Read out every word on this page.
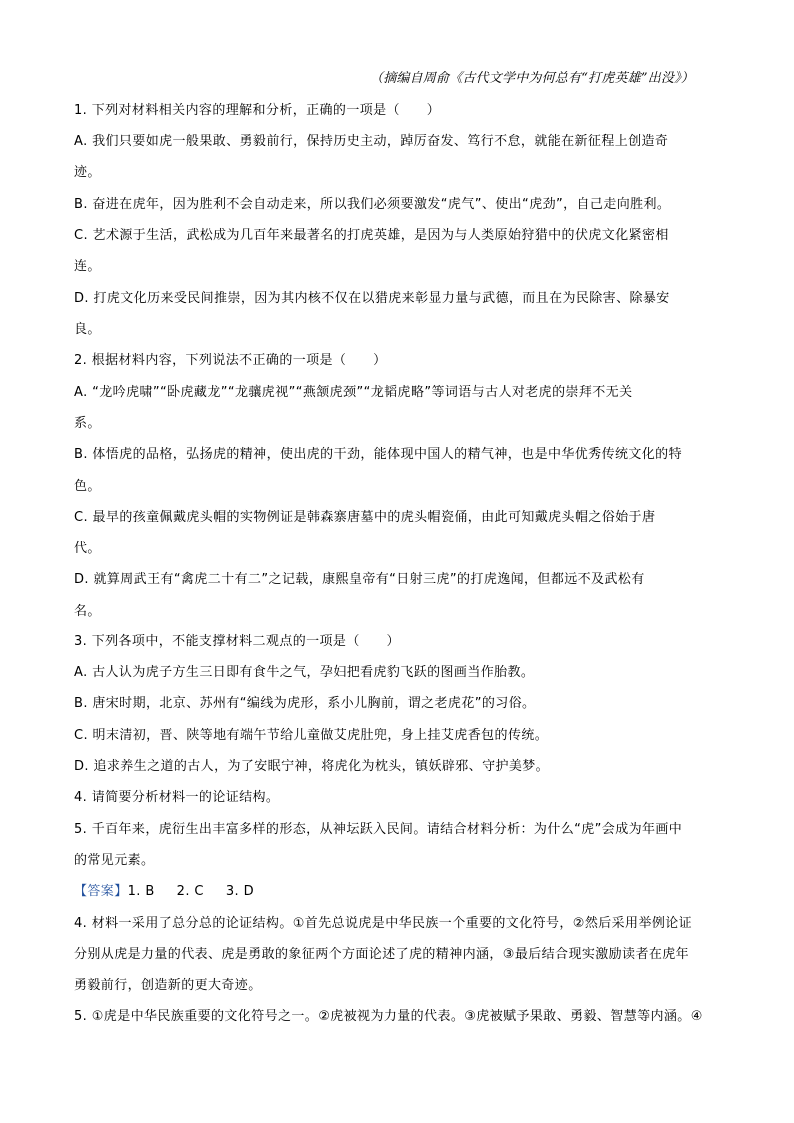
（摘编自周俞《古代文学中为何总有“打虎英雄”出没》）
1. 下列对材料相关内容的理解和分析，正确的一项是（　　）
A. 我们只要如虎一般果敢、勇毅前行，保持历史主动，踔厉奋发、笃行不怠，就能在新征程上创造奇
迹。
B. 奋进在虎年，因为胜利不会自动走来，所以我们必须要激发“虎气”、使出“虎劲”，自己走向胜利。
C. 艺术源于生活，武松成为几百年来最著名的打虎英雄，是因为与人类原始狩猎中的伏虎文化紧密相
连。
D. 打虎文化历来受民间推崇，因为其内核不仅在以猎虎来彰显力量与武德，而且在为民除害、除暴安
良。
2. 根据材料内容，下列说法不正确的一项是（　　）
A. “龙吟虎啸”“卧虎藏龙”“龙骧虎视”“燕颔虎颈”“龙韬虎略”等词语与古人对老虎的崇拜不无关
系。
B. 体悟虎的品格，弘扬虎的精神，使出虎的干劲，能体现中国人的精气神，也是中华优秀传统文化的特
色。
C. 最早的孩童佩戴虎头帽的实物例证是韩森寨唐墓中的虎头帽瓷俑，由此可知戴虎头帽之俗始于唐
代。
D. 就算周武王有“禽虎二十有二”之记载，康熙皇帝有“日射三虎”的打虎逸闻，但都远不及武松有
名。
3. 下列各项中，不能支撑材料二观点的一项是（　　）
A. 古人认为虎子方生三日即有食牛之气，孕妇把看虎豹飞跃的图画当作胎教。
B. 唐宋时期，北京、苏州有“编线为虎形，系小儿胸前，谓之老虎花”的习俗。
C. 明末清初，晋、陕等地有端午节给儿童做艾虎肚兜，身上挂艾虎香包的传统。
D. 追求养生之道的古人，为了安眠宁神，将虎化为枕头，镇妖辟邪、守护美梦。
4. 请简要分析材料一的论证结构。
5. 千百年来，虎衍生出丰富多样的形态，从神坛跃入民间。请结合材料分析：为什么“虎”会成为年画中
的常见元素。
【答案】1. B 2. C 3. D
4. 材料一采用了总分总的论证结构。①首先总说虎是中华民族一个重要的文化符号，②然后采用举例论证
分别从虎是力量的代表、虎是勇敢的象征两个方面论述了虎的精神内涵，③最后结合现实激励读者在虎年
勇毅前行，创造新的更大奇迹。
5. ①虎是中华民族重要的文化符号之一。②虎被视为力量的代表。③虎被赋予果敢、勇毅、智慧等内涵。④
